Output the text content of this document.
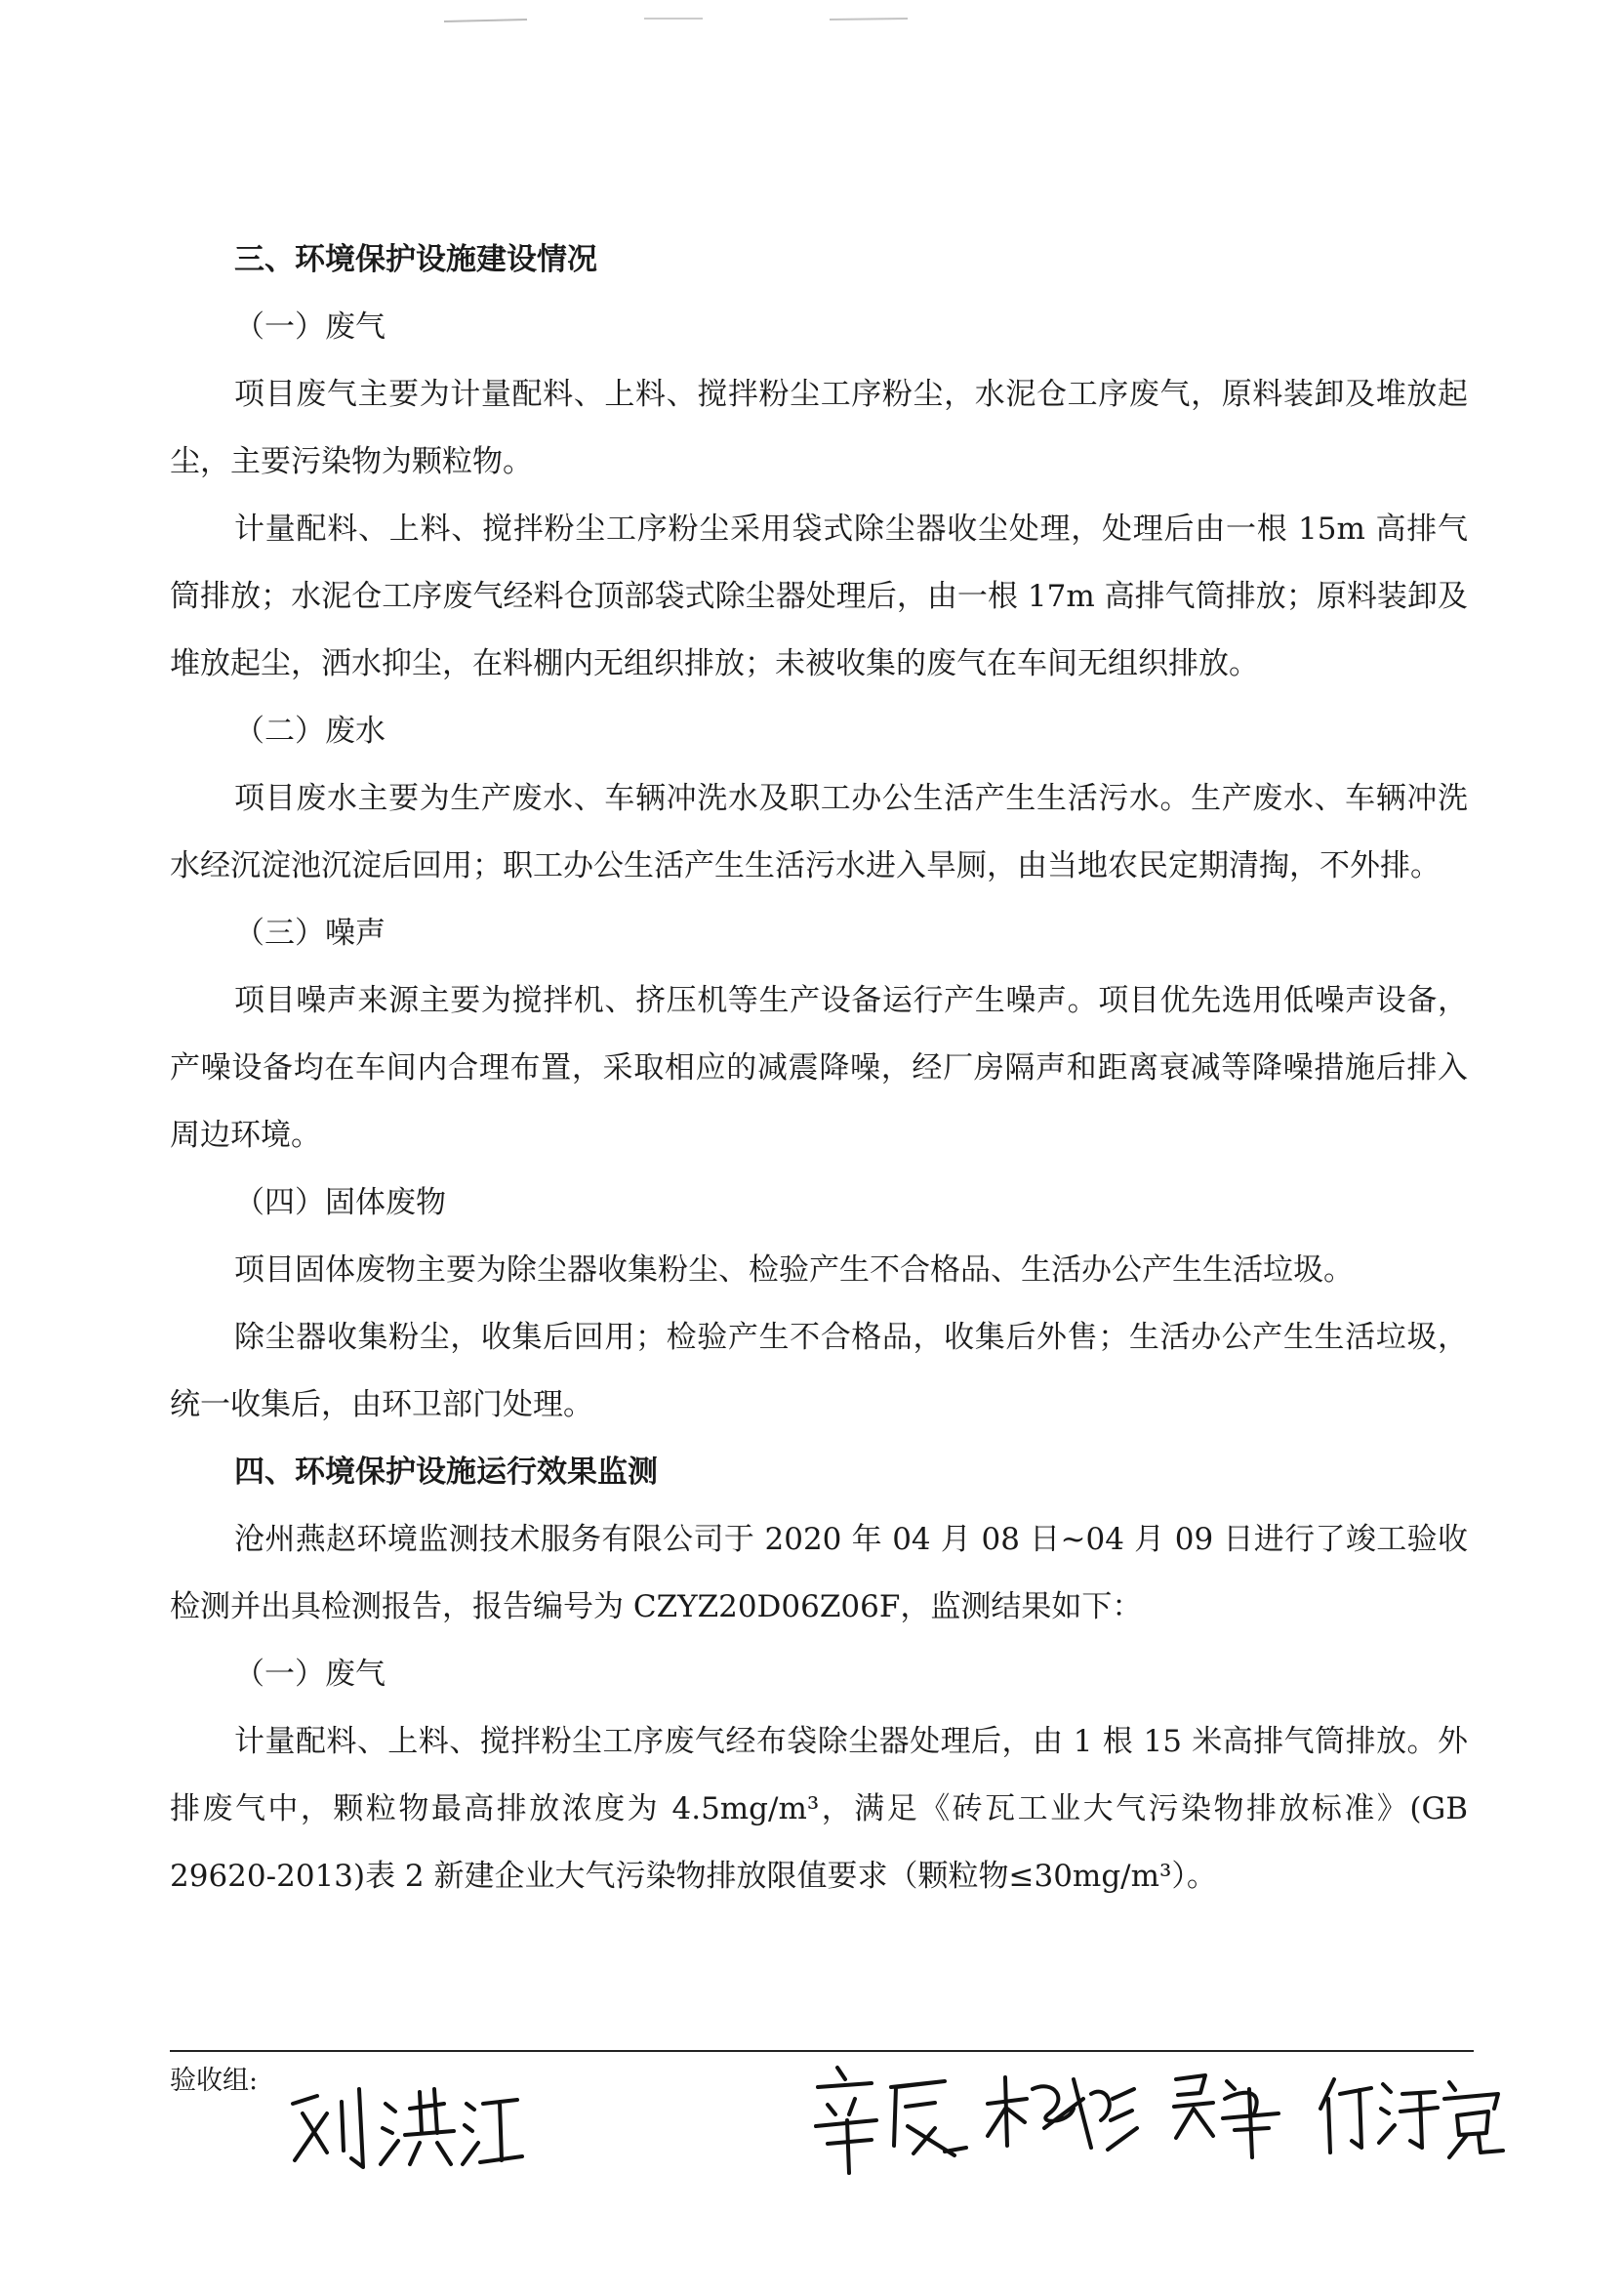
三、环境保护设施建设情况

（一）废气

项目废气主要为计量配料、上料、搅拌粉尘工序粉尘，水泥仓工序废气，原料装卸及堆放起尘，主要污染物为颗粒物。

计量配料、上料、搅拌粉尘工序粉尘采用袋式除尘器收尘处理，处理后由一根 15m 高排气筒排放；水泥仓工序废气经料仓顶部袋式除尘器处理后，由一根 17m 高排气筒排放；原料装卸及堆放起尘，洒水抑尘，在料棚内无组织排放；未被收集的废气在车间无组织排放。

（二）废水

项目废水主要为生产废水、车辆冲洗水及职工办公生活产生生活污水。生产废水、车辆冲洗水经沉淀池沉淀后回用；职工办公生活产生生活污水进入旱厕，由当地农民定期清掏，不外排。

（三）噪声

项目噪声来源主要为搅拌机、挤压机等生产设备运行产生噪声。项目优先选用低噪声设备，产噪设备均在车间内合理布置，采取相应的减震降噪，经厂房隔声和距离衰减等降噪措施后排入周边环境。

（四）固体废物

项目固体废物主要为除尘器收集粉尘、检验产生不合格品、生活办公产生生活垃圾。

除尘器收集粉尘，收集后回用；检验产生不合格品，收集后外售；生活办公产生生活垃圾，统一收集后，由环卫部门处理。

四、环境保护设施运行效果监测

沧州燕赵环境监测技术服务有限公司于 2020 年 04 月 08 日~04 月 09 日进行了竣工验收检测并出具检测报告，报告编号为 CZYZ20D06Z06F，监测结果如下：

（一）废气

计量配料、上料、搅拌粉尘工序废气经布袋除尘器处理后，由 1 根 15 米高排气筒排放。外排废气中，颗粒物最高排放浓度为 4.5mg/m³，满足《砖瓦工业大气污染物排放标准》(GB 29620-2013)表 2 新建企业大气污染物排放限值要求（颗粒物≤30mg/m³）。

验收组:
